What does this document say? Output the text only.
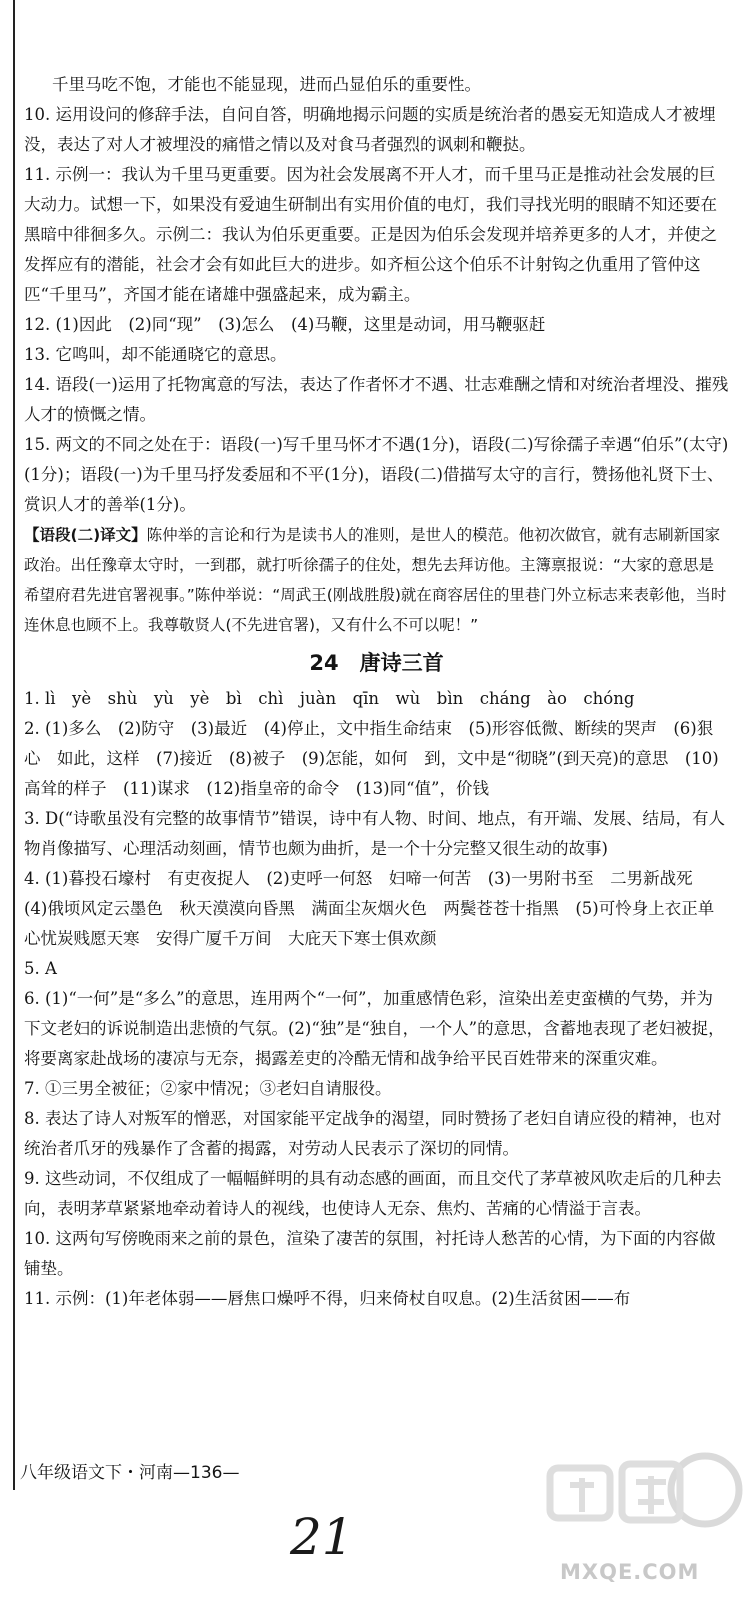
千里马吃不饱，才能也不能显现，进而凸显伯乐的重要性。

10. 运用设问的修辞手法，自问自答，明确地揭示问题的实质是统治者的愚妄无知造成人才被埋没，表达了对人才被埋没的痛惜之情以及对食马者强烈的讽刺和鞭挞。

11. 示例一：我认为千里马更重要。因为社会发展离不开人才，而千里马正是推动社会发展的巨大动力。试想一下，如果没有爱迪生研制出有实用价值的电灯，我们寻找光明的眼睛不知还要在黑暗中徘徊多久。示例二：我认为伯乐更重要。正是因为伯乐会发现并培养更多的人才，并使之发挥应有的潜能，社会才会有如此巨大的进步。如齐桓公这个伯乐不计射钩之仇重用了管仲这匹“千里马”，齐国才能在诸雄中强盛起来，成为霸主。

12. (1)因此　(2)同“现”　(3)怎么　(4)马鞭，这里是动词，用马鞭驱赶

13. 它鸣叫，却不能通晓它的意思。

14. 语段(一)运用了托物寓意的写法，表达了作者怀才不遇、壮志难酬之情和对统治者埋没、摧残人才的愤慨之情。

15. 两文的不同之处在于：语段(一)写千里马怀才不遇(1分)，语段(二)写徐孺子幸遇“伯乐”(太守)(1分)；语段(一)为千里马抒发委屈和不平(1分)，语段(二)借描写太守的言行，赞扬他礼贤下士、赏识人才的善举(1分)。

【语段(二)译文】陈仲举的言论和行为是读书人的准则，是世人的模范。他初次做官，就有志刷新国家政治。出任豫章太守时，一到郡，就打听徐孺子的住处，想先去拜访他。主簿禀报说：“大家的意思是希望府君先进官署视事。”陈仲举说：“周武王(刚战胜殷)就在商容居住的里巷门外立标志来表彰他，当时连休息也顾不上。我尊敬贤人(不先进官署)，又有什么不可以呢！”

24　唐诗三首

1. lì　yè　shù　yù　yè　bì　chì　juàn　qīn　wù　bìn　cháng　ào　chóng

2. (1)多么　(2)防守　(3)最近　(4)停止，文中指生命结束　(5)形容低微、断续的哭声　(6)狠心　如此，这样　(7)接近　(8)被子　(9)怎能，如何　到，文中是“彻晓”(到天亮)的意思　(10)高耸的样子　(11)谋求　(12)指皇帝的命令　(13)同“值”，价钱

3. D(“诗歌虽没有完整的故事情节”错误，诗中有人物、时间、地点，有开端、发展、结局，有人物肖像描写、心理活动刻画，情节也颇为曲折，是一个十分完整又很生动的故事)

4. (1)暮投石壕村　有吏夜捉人　(2)吏呼一何怒　妇啼一何苦　(3)一男附书至　二男新战死　(4)俄顷风定云墨色　秋天漠漠向昏黑　满面尘灰烟火色　两鬓苍苍十指黑　(5)可怜身上衣正单　心忧炭贱愿天寒　安得广厦千万间　大庇天下寒士俱欢颜

5. A

6. (1)“一何”是“多么”的意思，连用两个“一何”，加重感情色彩，渲染出差吏蛮横的气势，并为下文老妇的诉说制造出悲愤的气氛。(2)“独”是“独自，一个人”的意思，含蓄地表现了老妇被捉，将要离家赴战场的凄凉与无奈，揭露差吏的冷酷无情和战争给平民百姓带来的深重灾难。

7. ①三男全被征；②家中情况；③老妇自请服役。

8. 表达了诗人对叛军的憎恶，对国家能平定战争的渴望，同时赞扬了老妇自请应役的精神，也对统治者爪牙的残暴作了含蓄的揭露，对劳动人民表示了深切的同情。

9. 这些动词，不仅组成了一幅幅鲜明的具有动态感的画面，而且交代了茅草被风吹走后的几种去向，表明茅草紧紧地牵动着诗人的视线，也使诗人无奈、焦灼、苦痛的心情溢于言表。

10. 这两句写傍晚雨来之前的景色，渲染了凄苦的氛围，衬托诗人愁苦的心情，为下面的内容做铺垫。

11. 示例：(1)年老体弱——唇焦口燥呼不得，归来倚杖自叹息。(2)生活贫困——布

八年级语文下・河南—136—
21
MXQE.COM
